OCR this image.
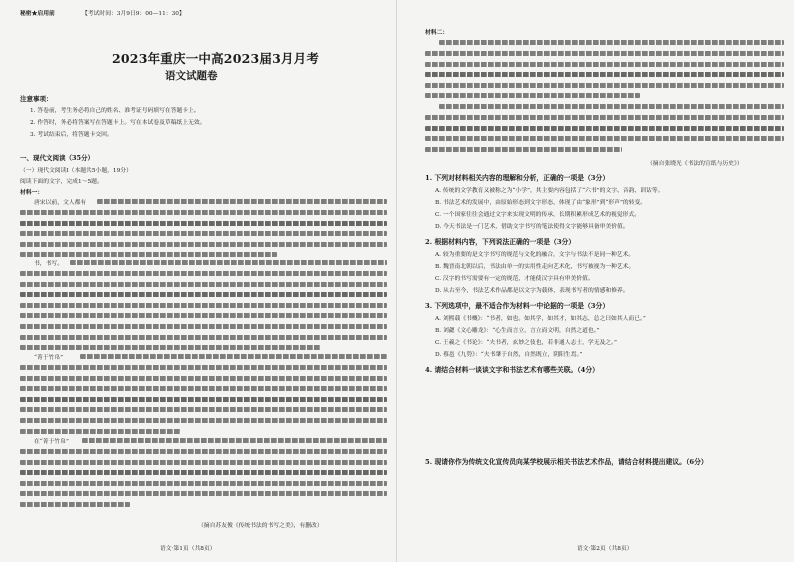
秘密★启用前	【考试时间：3月9日9：00—11：30】
2023年重庆一中高2023届3月月考
语文试题卷
注意事项：
1. 答卷前，考生务必将自己的姓名、准考证号码填写在答题卡上。
2. 作答时，务必将答案写在答题卡上。写在本试卷及草稿纸上无效。
3. 考试结束后，将答题卡交回。
一、现代文阅读（35分）
（一）现代文阅读Ⅰ（本题共5小题，19分）
阅读下面的文字，完成1～5题。
材料一：
唐宋以前，文人都有
书，书写。
“菁于竹帛”
在“菁于竹帛”
（摘自苏友俊《传统书法的书写之美》，有删改）
语文·第1页（共8页）
材料二：
（摘自张晓光《书法的宣纸与历史》）
1. 下列对材料相关内容的理解和分析，正确的一项是（3分）
A. 传统的文学教育又被称之为“小学”，其主要内容包括了“六书”的文字、音韵、训诂等。
B. 书法艺术的发展中，由原始形态到文字形态，体现了由“象形”到“形声”的转变。
C. 一个国家往往会通过文字来实现文明的传承，长期积累形成艺术的视觉形式。
D. 今天书法是一门艺术，借助文字书写的笔法使得文字能够具备审美价值。
2. 根据材料内容，下列说法正确的一项是（3分）
A. 较为重要的是文字书写的规范与文化的融合，文字与书法不是同一种艺术。
B. 魏晋南北朝以后，书法由单一的实用性走向艺术化，书写被视为一种艺术。
C. 汉字的书写需要有一定的规范，才能使汉字具有审美价值。
D. 从古至今，书法艺术作品都是以文字为载体，表现书写者的情感和修养。
3. 下列选项中，最不适合作为材料一中论据的一项是（3分）
A. 刘熙载《书概》：“书者，如也。如其学，如其才，如其志，总之曰如其人而已。”
B. 刘勰《文心雕龙》：“心生而言立，言立而文明，自然之道也。”
C. 王羲之《书论》：“夫书者，玄妙之伎也，若非通人志士，学无及之。”
D. 蔡邕《九势》：“夫书肇于自然，自然既立，阴阳生焉。”
4. 请结合材料一谈谈文字和书法艺术有哪些关联。（4分）
5. 现请你作为传统文化宣传员向某学校展示相关书法艺术作品，请结合材料提出建议。（6分）
语文·第2页（共8页）
